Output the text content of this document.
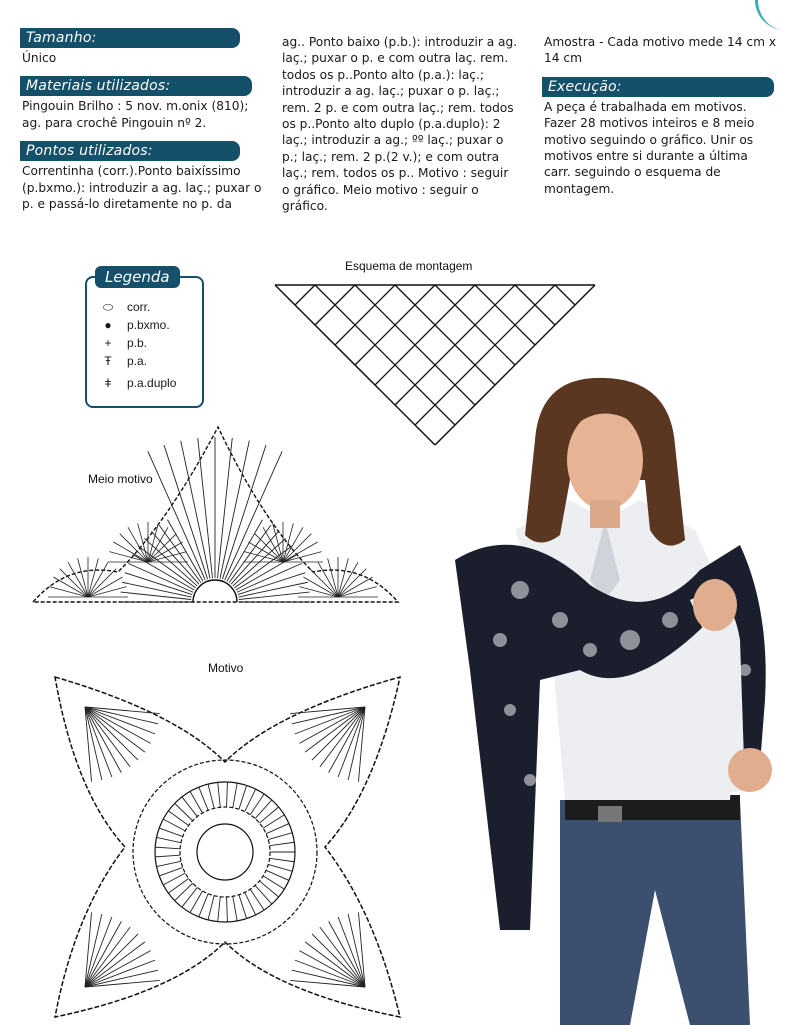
Tamanho:
Único
Materiais utilizados:
Pingouin Brilho : 5 nov. m.onix (810); ag. para crochê Pingouin nº 2.
Pontos utilizados:
Correntinha (corr.).Ponto baixíssimo (p.bxmo.): introduzir a ag. laç.; puxar o p. e passá-lo diretamente no p. da
ag.. Ponto baixo (p.b.): introduzir a ag. laç.; puxar o p. e com outra laç. rem. todos os p..Ponto alto (p.a.): laç.; introduzir a ag. laç.; puxar o p. laç.; rem. 2 p. e com outra laç.; rem. todos os p..Ponto alto duplo (p.a.duplo): 2 laç.; introduzir a ag.; ºº laç.; puxar o p.; laç.; rem. 2 p.(2 v.); e com outra laç.; rem. todos os p.. Motivo : seguir o gráfico. Meio motivo : seguir o gráfico.
Amostra - Cada motivo mede 14 cm x 14 cm
Execução:
A peça é trabalhada em motivos. Fazer 28 motivos inteiros e 8 meio motivo seguindo o gráfico. Unir os motivos entre si durante a última carr. seguindo o esquema de montagem.
Legenda
⬭ corr.
● p.bxmo.
+ p.b.
Ŧ p.a.
ǂ p.a.duplo
Esquema de montagem
Meio motivo
Motivo
